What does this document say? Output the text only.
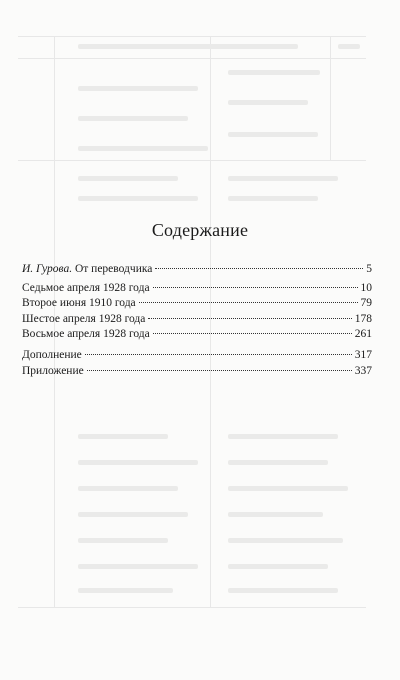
Содержание
И. Гурова. От переводчика	5
Седьмое апреля 1928 года	10
Второе июня 1910 года	79
Шестое апреля 1928 года	178
Восьмое апреля 1928 года	261
Дополнение	317
Приложение	337
